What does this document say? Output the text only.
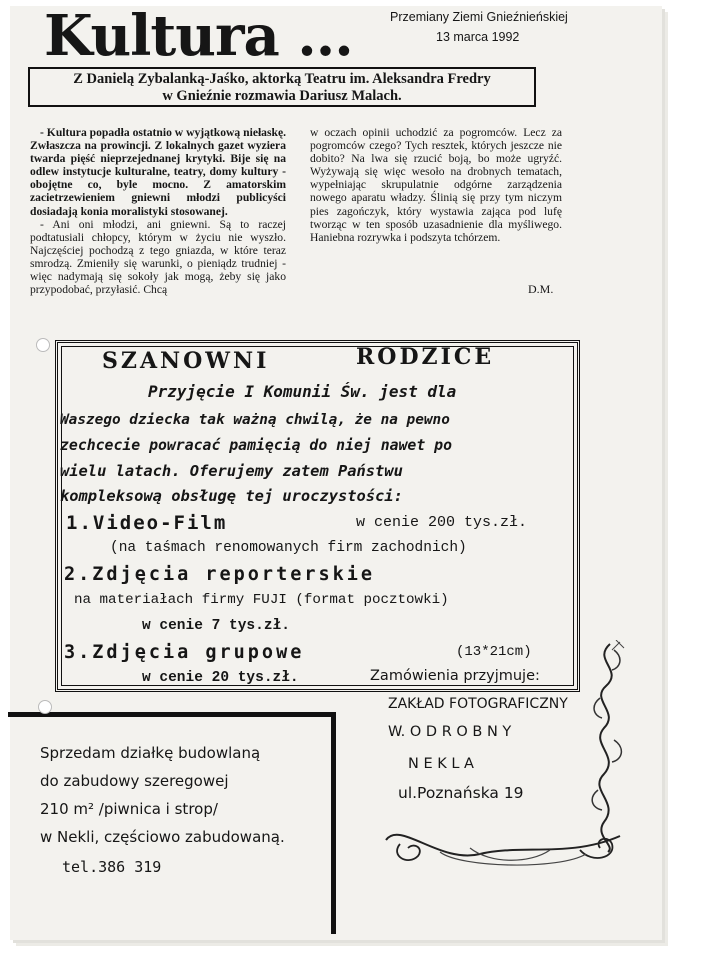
Kultura ...	Przemiany Ziemi Gnieźnieńskiej
13 marca 1992
Z Danielą Zybalanką-Jaśko, aktorką Teatru im. Aleksandra Fredry
w Gnieźnie rozmawia Dariusz Malach.

- Kultura popadła ostatnio w wyjątkową niełaskę. Zwłaszcza na prowincji. Z lokalnych gazet wyziera twarda pięść nieprzejednanej krytyki. Bije się na odlew instytucje kulturalne, teatry, domy kultury - obojętne co, byle mocno. Z amatorskim zacietrzewieniem gniewni młodzi publicyści dosiadają konia moralistyki stosowanej.

- Ani oni młodzi, ani gniewni. Są to raczej podtatusiali chłopcy, którym w życiu nie wyszło. Najczęściej pochodzą z tego gniazda, w które teraz smrodzą. Zmieniły się warunki, o pieniądz trudniej - więc nadymają się sokoły jak mogą, żeby się jako przypodobać, przyłasić. Chcą

w oczach opinii uchodzić za pogromców. Lecz za pogromców czego? Tych resztek, których jeszcze nie dobito? Na lwa się rzucić boją, bo może ugryźć. Wyżywają się więc wesoło na drobnych tematach, wypełniając skrupulatnie odgórne zarządzenia nowego aparatu władzy. Ślinią się przy tym niczym pies zagończyk, który wystawia zająca pod lufę tworząc w ten sposób uzasadnienie dla myśliwego. Haniebna rozrywka i podszyta tchórzem.

D.M.
SZANOWNI	RODZICE
Przyjęcie I Komunii Św. jest dla
Waszego dziecka tak ważną chwilą, że na pewno
zechcecie powracać pamięcią do niej nawet po
wielu latach. Oferujemy zatem Państwu
kompleksową obsługę tej uroczystości:
1.Video-Film	w cenie 200 tys.zł.
(na taśmach renomowanych firm zachodnich)
2.Zdjęcia reporterskie
na materiałach firmy FUJI (format pocztowki)
w cenie 7 tys.zł.
3.Zdjęcia grupowe	(13*21cm)
w cenie 20 tys.zł.	Zamówienia przyjmuje:
ZAKŁAD FOTOGRAFICZNY
W. O D R O B N Y
N E K L A
ul.Poznańska 19
Sprzedam działkę budowlaną
do zabudowy szeregowej
210 m² /piwnica i strop/
w Nekli, częściowo zabudowaną.
tel.386 319
